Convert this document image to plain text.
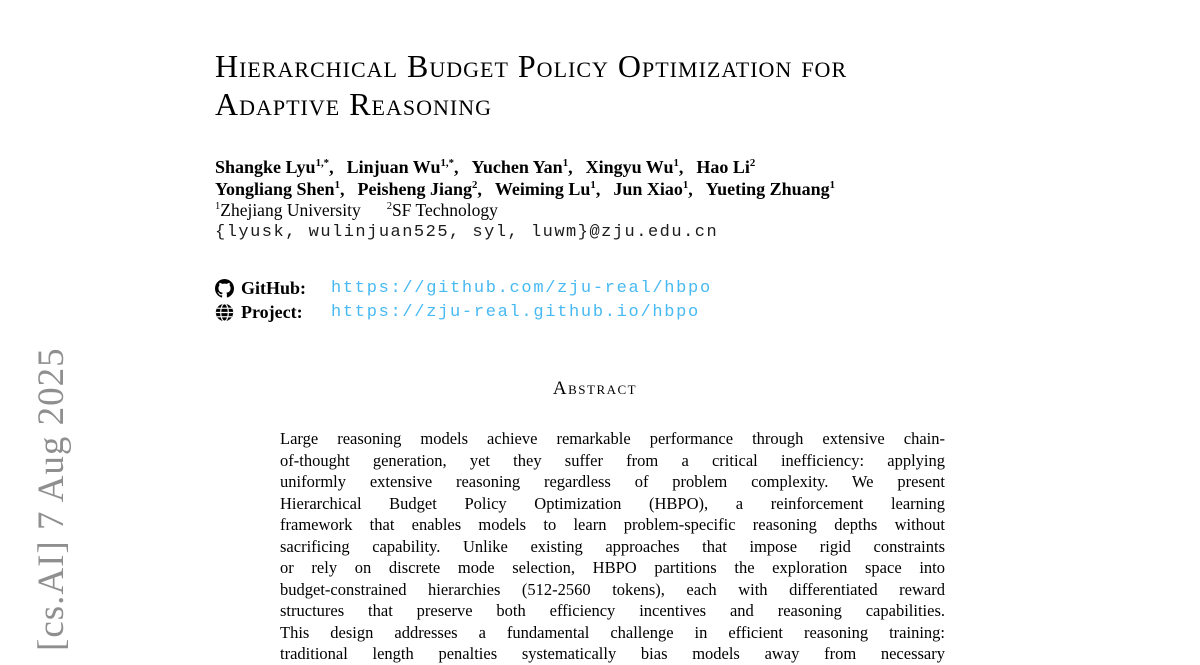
[cs.AI] 7 Aug 2025
Hierarchical Budget Policy Optimization for
Adaptive Reasoning
Shangke Lyu$^{1,*}$, Linjuan $Wu^{1,*}$, Yuchen Yan$^1$, Xingyu Wu$^1$, Hao Li$^2$
Yongliang Shen$^1$, Peisheng Jiang$^2$, Weiming Lu$^1$, Jun Xiao$^1$, Yueting Zhuang$^1$
$^1$Zhejiang University $^2$SF Technology
{lyusk, wulinjuan525, syl, luwm}@zju.edu.cn
GitHub:	https://github.com/zju-real/hbpo
Project:	https://zju-real.github.io/hbpo
Abstract
Large reasoning models achieve remarkable performance through extensive chain-
of-thought generation, yet they suffer from a critical inefficiency: applying
uniformly extensive reasoning regardless of problem complexity. We present
Hierarchical Budget Policy Optimization (HBPO), a reinforcement learning
framework that enables models to learn problem-specific reasoning depths without
sacrificing capability. Unlike existing approaches that impose rigid constraints
or rely on discrete mode selection, HBPO partitions the exploration space into
budget-constrained hierarchies (512-2560 tokens), each with differentiated reward
structures that preserve both efficiency incentives and reasoning capabilities.
This design addresses a fundamental challenge in efficient reasoning training:
traditional length penalties systematically bias models away from necessary
